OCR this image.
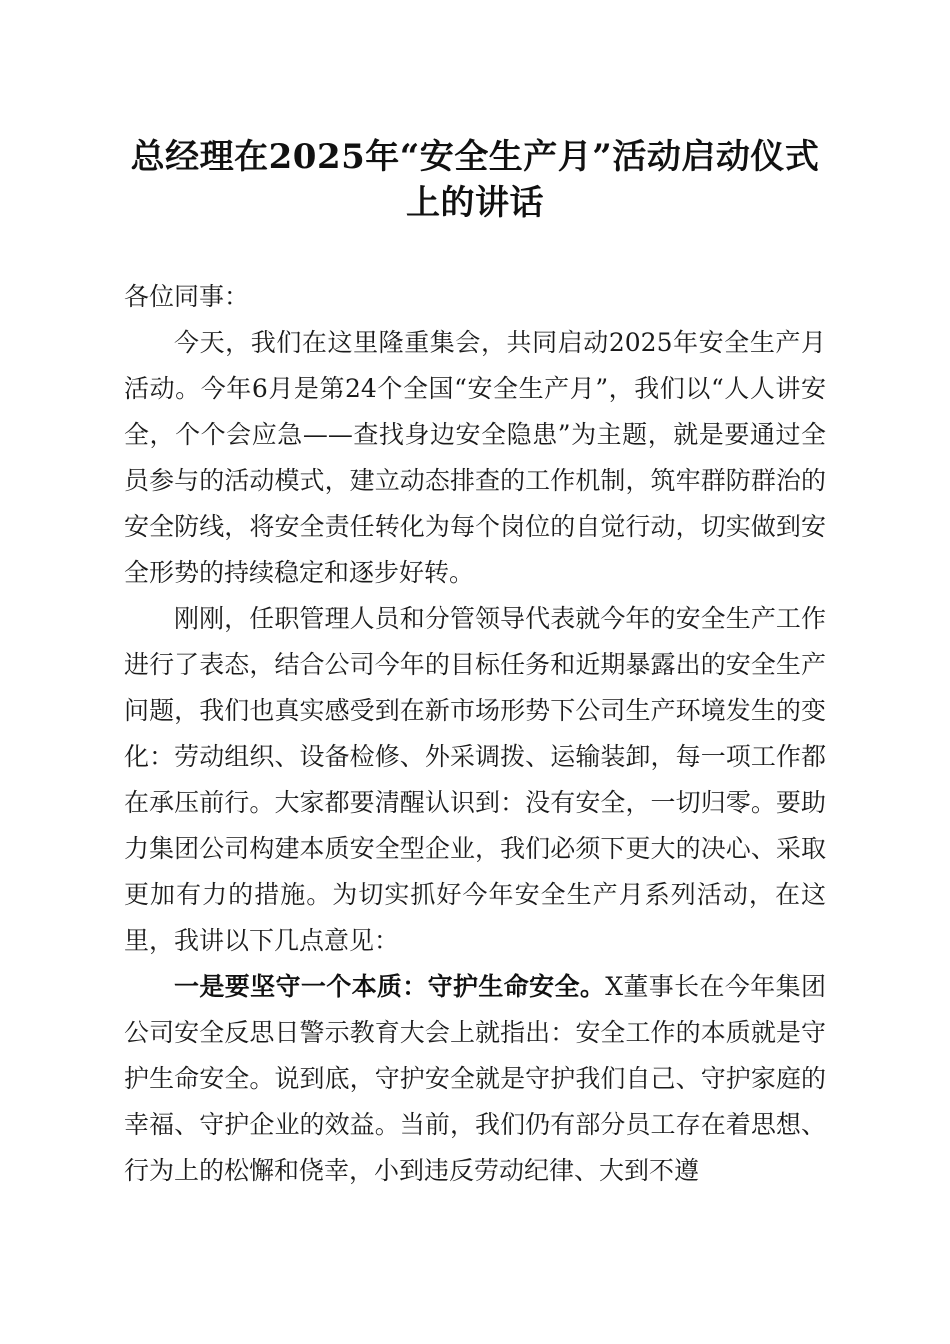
总经理在2025年“安全生产月”活动启动仪式上的讲话

各位同事：

今天，我们在这里隆重集会，共同启动2025年安全生产月活动。今年6月是第24个全国“安全生产月”，我们以“人人讲安全，个个会应急——查找身边安全隐患”为主题，就是要通过全员参与的活动模式，建立动态排查的工作机制，筑牢群防群治的安全防线，将安全责任转化为每个岗位的自觉行动，切实做到安全形势的持续稳定和逐步好转。

刚刚，任职管理人员和分管领导代表就今年的安全生产工作进行了表态，结合公司今年的目标任务和近期暴露出的安全生产问题，我们也真实感受到在新市场形势下公司生产环境发生的变化：劳动组织、设备检修、外采调拨、运输装卸，每一项工作都在承压前行。大家都要清醒认识到：没有安全，一切归零。要助力集团公司构建本质安全型企业，我们必须下更大的决心、采取更加有力的措施。为切实抓好今年安全生产月系列活动，在这里，我讲以下几点意见：

一是要坚守一个本质：守护生命安全。X董事长在今年集团公司安全反思日警示教育大会上就指出：安全工作的本质就是守护生命安全。说到底，守护安全就是守护我们自己、守护家庭的幸福、守护企业的效益。当前，我们仍有部分员工存在着思想、行为上的松懈和侥幸，小到违反劳动纪律、大到不遵
